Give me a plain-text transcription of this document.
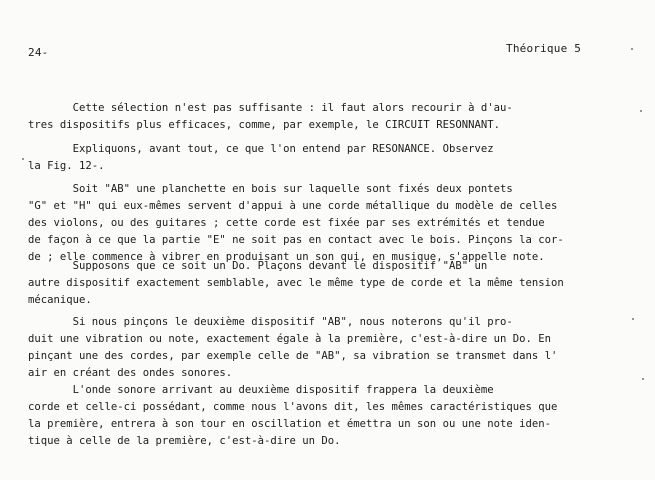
24-	Théorique 5
Cette sélection n'est pas suffisante : il faut alors recourir à d'au-
tres dispositifs plus efficaces, comme, par exemple, le CIRCUIT RESONNANT.
Expliquons, avant tout, ce que l'on entend par RESONANCE. Observez
la Fig. 12-.
Soit "AB" une planchette en bois sur laquelle sont fixés deux pontets
"G" et "H" qui eux-mêmes servent d'appui à une corde métallique du modèle de celles
des violons, ou des guitares ; cette corde est fixée par ses extrémités et tendue
de façon à ce que la partie "E" ne soit pas en contact avec le bois. Pinçons la cor-
de ; elle commence à vibrer en produisant un son qui, en musique, s'appelle note.
Supposons que ce soit un Do. Plaçons devant le dispositif "AB" un
autre dispositif exactement semblable, avec le même type de corde et la même tension
mécanique.
Si nous pinçons le deuxième dispositif "AB", nous noterons qu'il pro-
duit une vibration ou note, exactement égale à la première, c'est-à-dire un Do. En
pinçant une des cordes, par exemple celle de "AB", sa vibration se transmet dans l'
air en créant des ondes sonores.
L'onde sonore arrivant au deuxième dispositif frappera la deuxième
corde et celle-ci possédant, comme nous l'avons dit, les mêmes caractéristiques que
la première, entrera à son tour en oscillation et émettra un son ou une note iden-
tique à celle de la première, c'est-à-dire un Do.
